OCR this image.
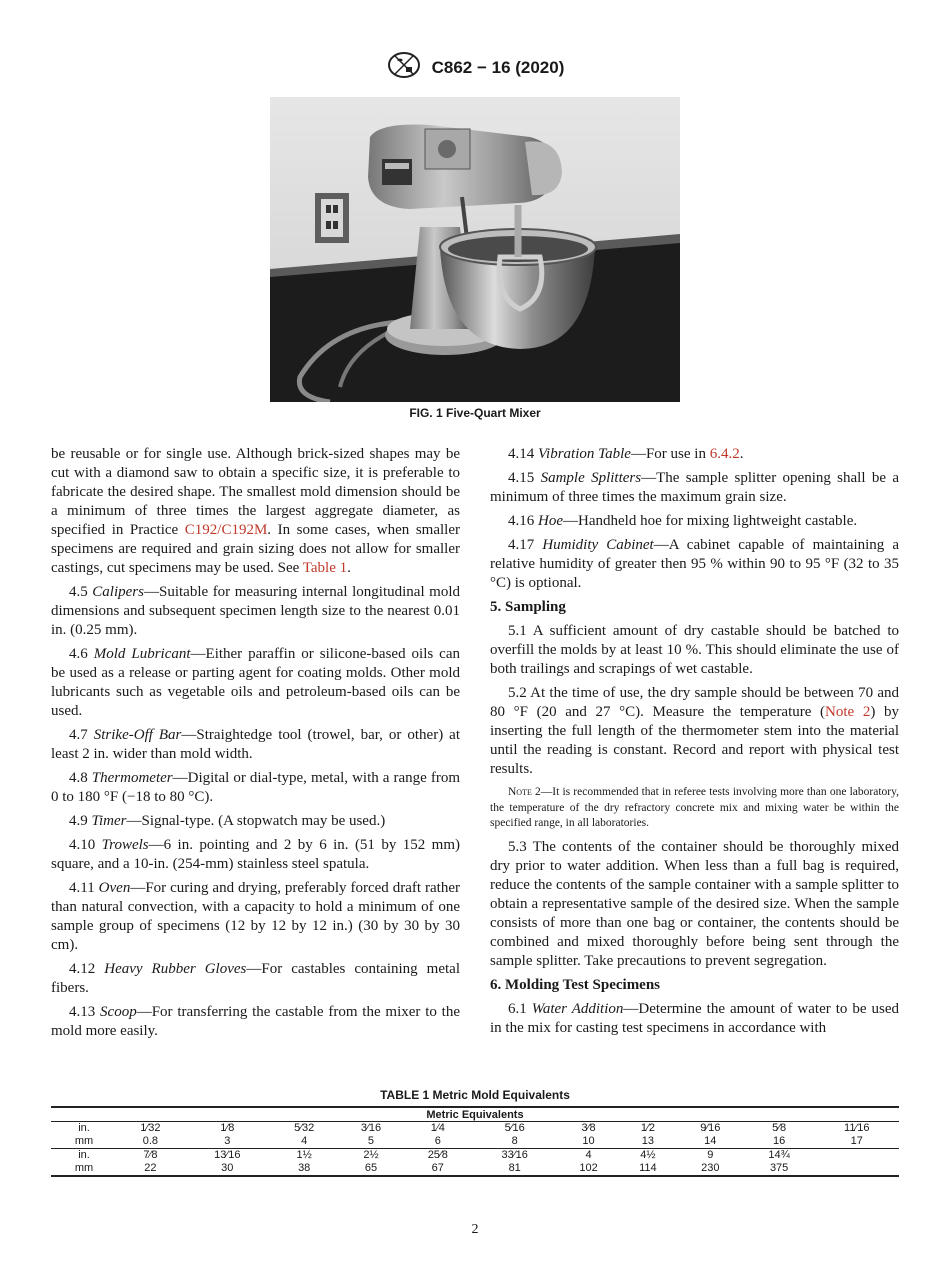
C862 − 16 (2020)
FIG. 1 Five-Quart Mixer

be reusable or for single use. Although brick-sized shapes may be cut with a diamond saw to obtain a specific size, it is preferable to fabricate the desired shape. The smallest mold dimension should be a minimum of three times the largest aggregate diameter, as specified in Practice C192/C192M. In some cases, when smaller specimens are required and grain sizing does not allow for smaller castings, cut specimens may be used. See Table 1.

4.5 Calipers—Suitable for measuring internal longitudinal mold dimensions and subsequent specimen length size to the nearest 0.01 in. (0.25 mm).

4.6 Mold Lubricant—Either paraffin or silicone-based oils can be used as a release or parting agent for coating molds. Other mold lubricants such as vegetable oils and petroleum-based oils can be used.

4.7 Strike-Off Bar—Straightedge tool (trowel, bar, or other) at least 2 in. wider than mold width.

4.8 Thermometer—Digital or dial-type, metal, with a range from 0 to 180 °F (−18 to 80 °C).

4.9 Timer—Signal-type. (A stopwatch may be used.)

4.10 Trowels—6 in. pointing and 2 by 6 in. (51 by 152 mm) square, and a 10-in. (254-mm) stainless steel spatula.

4.11 Oven—For curing and drying, preferably forced draft rather than natural convection, with a capacity to hold a minimum of one sample group of specimens (12 by 12 by 12 in.) (30 by 30 by 30 cm).

4.12 Heavy Rubber Gloves—For castables containing metal fibers.

4.13 Scoop—For transferring the castable from the mixer to the mold more easily.

4.14 Vibration Table—For use in 6.4.2.

4.15 Sample Splitters—The sample splitter opening shall be a minimum of three times the maximum grain size.

4.16 Hoe—Handheld hoe for mixing lightweight castable.

4.17 Humidity Cabinet—A cabinet capable of maintaining a relative humidity of greater then 95 % within 90 to 95 °F (32 to 35 °C) is optional.

5. Sampling

5.1 A sufficient amount of dry castable should be batched to overfill the molds by at least 10 %. This should eliminate the use of both trailings and scrapings of wet castable.

5.2 At the time of use, the dry sample should be between 70 and 80 °F (20 and 27 °C). Measure the temperature (Note 2) by inserting the full length of the thermometer stem into the material until the reading is constant. Record and report with physical test results.

Note 2—It is recommended that in referee tests involving more than one laboratory, the temperature of the dry refractory concrete mix and mixing water be within the specified range, in all laboratories.

5.3 The contents of the container should be thoroughly mixed dry prior to water addition. When less than a full bag is required, reduce the contents of the sample container with a sample splitter to obtain a representative sample of the desired size. When the sample consists of more than one bag or container, the contents should be combined and mixed thoroughly before being sent through the sample splitter. Take precautions to prevent segregation.

6. Molding Test Specimens

6.1 Water Addition—Determine the amount of water to be used in the mix for casting test specimens in accordance with

TABLE 1 Metric Mold Equivalents
Metric Equivalents
in.	1⁄32	1⁄8	5⁄32	3⁄16	1⁄4	5⁄16	3⁄8	1⁄2	9⁄16	5⁄8	11⁄16
mm	0.8	3	4	5	6	8	10	13	14	16	17
in.	7⁄8	13⁄16	1½	2½	25⁄8	33⁄16	4	4½	9	14¾	
mm	22	30	38	65	67	81	102	114	230	375	
2
